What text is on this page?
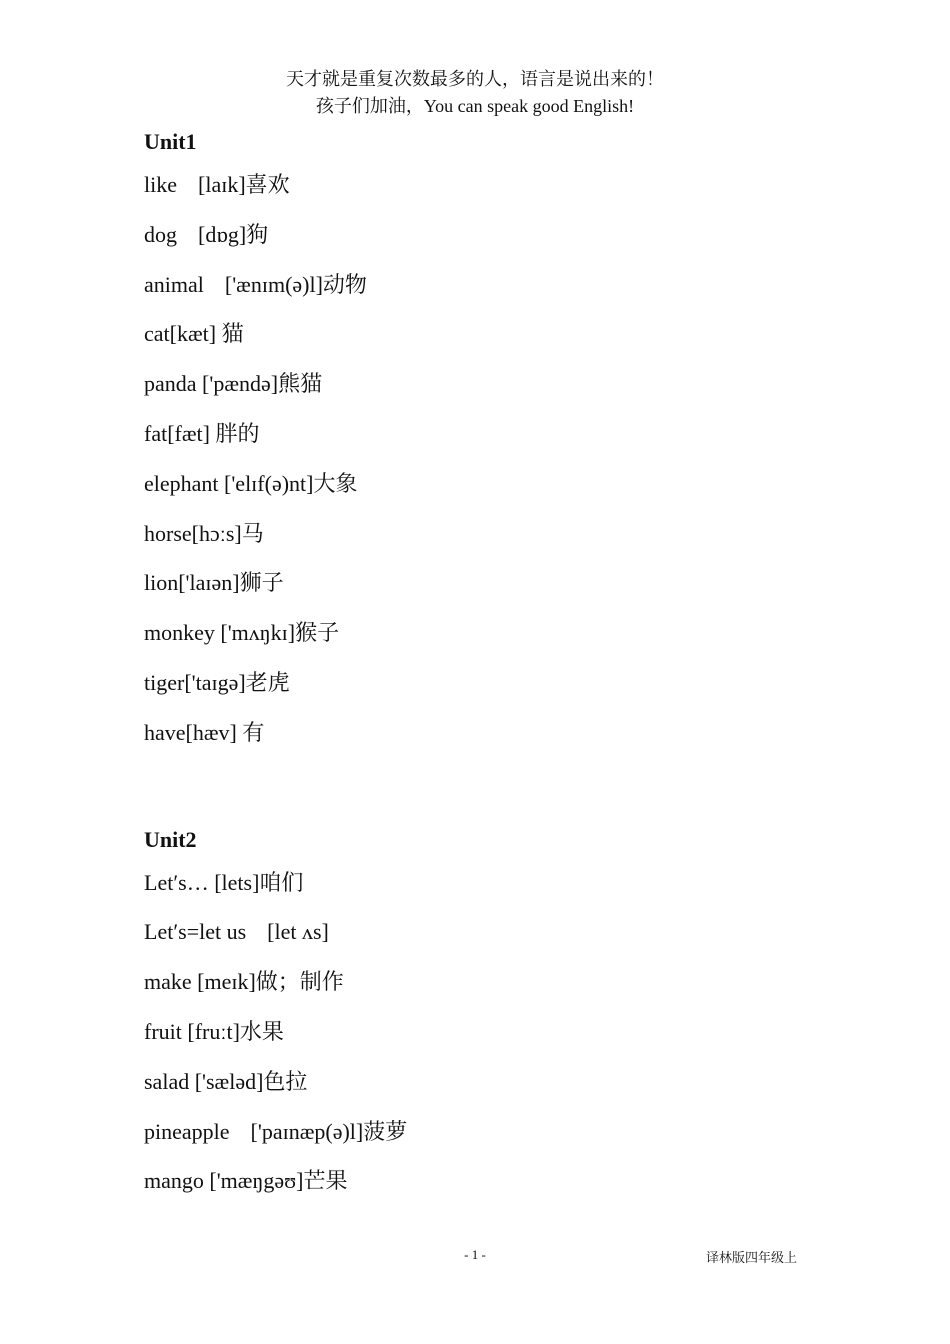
天才就是重复次数最多的人，语言是说出来的！
孩子们加油，You can speak good English!
Unit1
like [laɪk]喜欢
dog [dɒg]狗
animal ['ænɪm(ə)l]动物
cat[kæt] 猫
panda ['pændə]熊猫
fat[fæt] 胖的
elephant ['elɪf(ə)nt]大象
horse[hɔːs]马
lion['laɪən]狮子
monkey ['mʌŋkɪ]猴子
tiger['taɪgə]老虎
have[hæv] 有
Unit2
Let′s… [lets]咱们
Let′s=let us [let ʌs]
make [meɪk]做；制作
fruit [fruːt]水果
salad ['sæləd]色拉
pineapple ['paɪnæp(ə)l]菠萝
mango ['mæŋgəʊ]芒果
- 1 -	译林版四年级上
